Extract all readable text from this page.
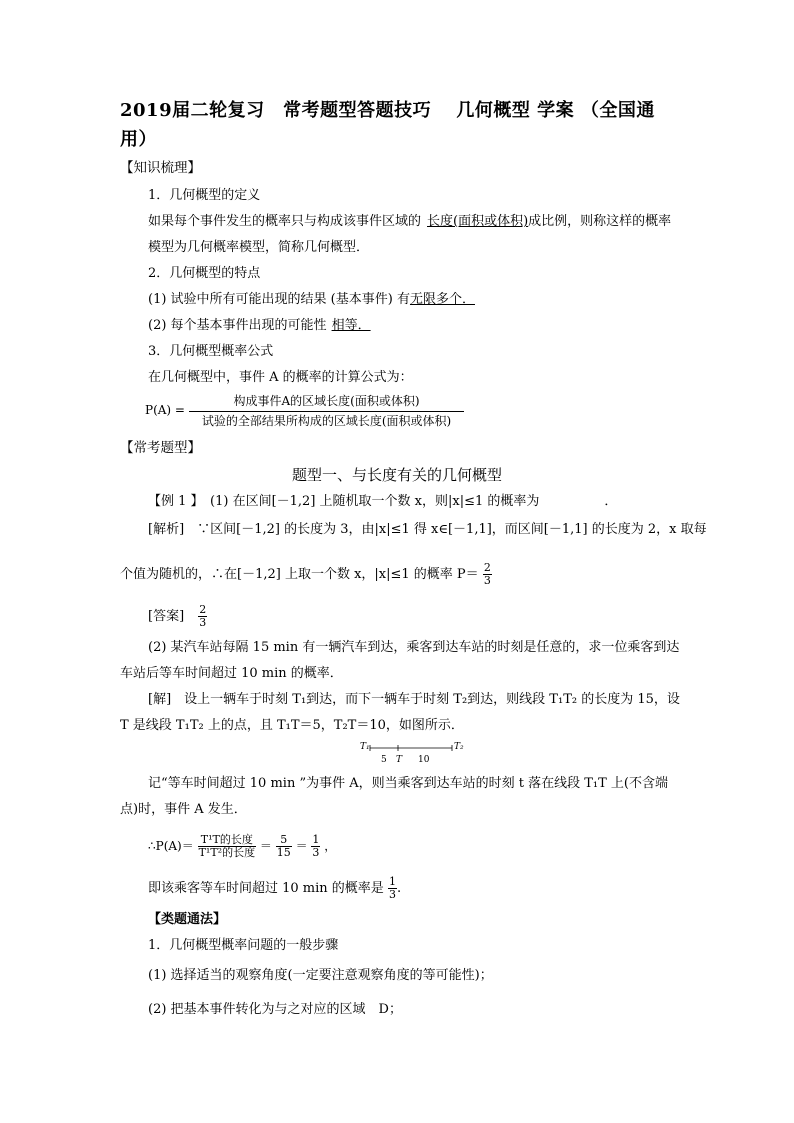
2019届二轮复习　常考题型答题技巧　 几何概型 学案 （全国通用）
【知识梳理】
1．几何概型的定义
如果每个事件发生的概率只与构成该事件区域的 长度(面积或体积)成比例，则称这样的概率
模型为几何概率模型，简称几何概型．
2．几何概型的特点
(1) 试验中所有可能出现的结果 (基本事件) 有无限多个．
(2) 每个基本事件出现的可能性 相等．
3．几何概型概率公式
在几何概型中，事件 A 的概率的计算公式为：
P(A) =
构成事件A的区域长度(面积或体积)
试验的全部结果所构成的区域长度(面积或体积)
【常考题型】
题型一、与长度有关的几何概型
【例 1 】　(1) 在区间[－1,2] 上随机取一个数 x，则|x|≤1 的概率为　　　　　．
[解析]　∵区间[－1,2] 的长度为 3，由|x|≤1 得 x∈[－1,1]，而区间[－1,1] 的长度为 2，x 取每
个值为随机的，∴在[－1,2] 上取一个数 x，|x|≤1 的概率 $P= \frac{2}{3}$
[答案] $\frac{2}{3}$
(2) 某汽车站每隔 15 min 有一辆汽车到达，乘客到达车站的时刻是任意的，求一位乘客到达
车站后等车时间超过 10 min 的概率．
[解]　设上一辆车于时刻 T₁到达，而下一辆车于时刻 T₂到达，则线段 T₁T₂ 的长度为 15，设
T 是线段 T₁T₂ 上的点，且 T₁T＝5，T₂T＝10，如图所示．
T₁	T₂
5 T 10
记“等车时间超过 10 min ”为事件 A，则当乘客到达车站的时刻 t 落在线段 T₁T 上(不含端
点)时，事件 A 发生．
∴P(A)＝ $\frac{\text{T¹T的长度}}{\text{T¹T²的长度}} = \frac{5}{15} = \frac{1}{3}$ ，
即该乘客等车时间超过 10 min 的概率是 $\frac{1}{3}$ .
【类题通法】
1．几何概型概率问题的一般步骤
(1) 选择适当的观察角度(一定要注意观察角度的等可能性)；
(2) 把基本事件转化为与之对应的区域　D；
